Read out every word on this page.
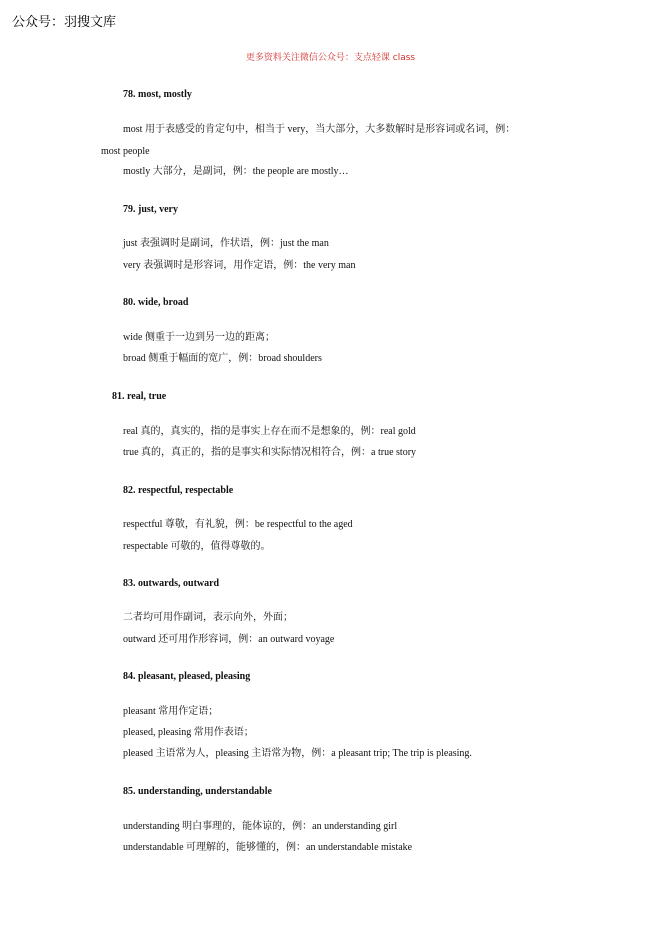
公众号：羽搜文库
更多资料关注微信公众号：支点轻课 class
78. most, mostly
most 用于表感受的肯定句中，相当于 very，当大部分，大多数解时是形容词或名词，例：
most people
mostly 大部分，是副词，例：the people are mostly…
79. just, very
just 表强调时是副词，作状语，例：just the man
very 表强调时是形容词，用作定语，例：the very man
80. wide, broad
wide 侧重于一边到另一边的距离；
broad 侧重于幅面的宽广，例：broad shoulders
81. real, true
real 真的，真实的，指的是事实上存在而不是想象的，例：real gold
true 真的，真正的，指的是事实和实际情况相符合，例：a true story
82. respectful, respectable
respectful 尊敬，有礼貌，例：be respectful to the aged
respectable 可敬的，值得尊敬的。
83. outwards, outward
二者均可用作副词，表示向外，外面；
outward 还可用作形容词，例：an outward voyage
84. pleasant, pleased, pleasing
pleasant 常用作定语；
pleased, pleasing 常用作表语；
pleased 主语常为人，pleasing 主语常为物，例：a pleasant trip; The trip is pleasing.
85. understanding, understandable
understanding 明白事理的，能体谅的，例：an understanding girl
understandable 可理解的，能够懂的，例：an understandable mistake
